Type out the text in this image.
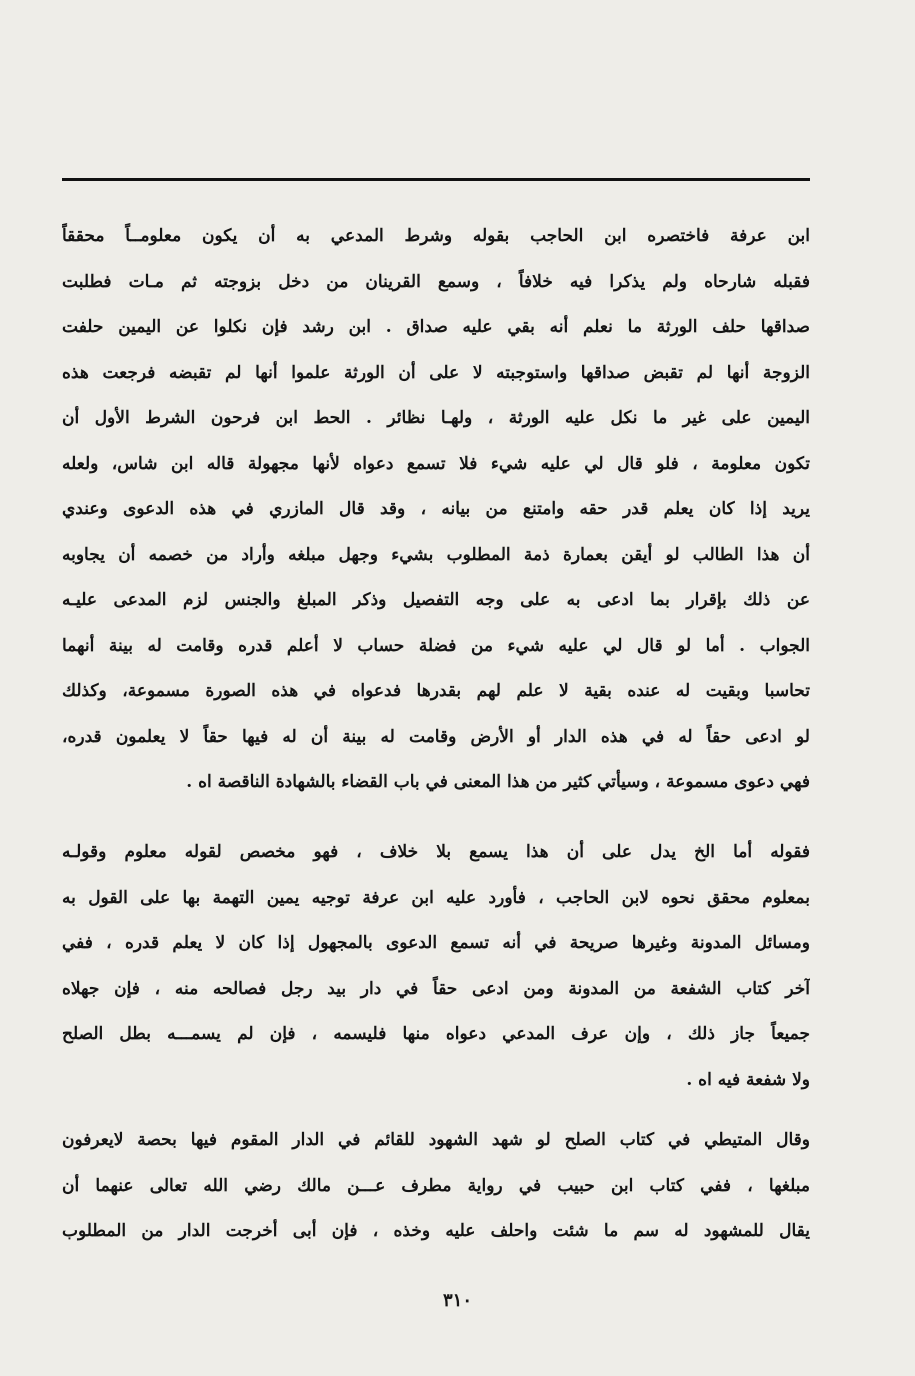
ابن عرفة فاختصره ابن الحاجب بقوله وشرط المدعي به أن يكون معلومــاً محققاً
فقبله شارحاه ولم يذكرا فيه خلافاً ، وسمع القرينان من دخل بزوجته ثم مـات فطلبت
صداقها حلف الورثة ما نعلم أنه بقي عليه صداق . ابن رشد فإن نكلوا عن اليمين حلفت
الزوجة أنها لم تقبض صداقها واستوجبته لا على أن الورثة علموا أنها لم تقبضه فرجعت هذه
اليمين على غير ما نكل عليه الورثة ، ولهـا نظائر . الحط ابن فرحون الشرط الأول أن
تكون معلومة ، فلو قال لي عليه شيء فلا تسمع دعواه لأنها مجهولة قاله ابن شاس، ولعله
يريد إذا كان يعلم قدر حقه وامتنع من بيانه ، وقد قال المازري في هذه الدعوى وعندي
أن هذا الطالب لو أيقن بعمارة ذمة المطلوب بشيء وجهل مبلغه وأراد من خصمه أن يجاوبه
عن ذلك بإقرار بما ادعى به على وجه التفصيل وذكر المبلغ والجنس لزم المدعى عليـه
الجواب . أما لو قال لي عليه شيء من فضلة حساب لا أعلم قدره وقامت له بينة أنهما
تحاسبا وبقيت له عنده بقية لا علم لهم بقدرها فدعواه في هذه الصورة مسموعة، وكذلك
لو ادعى حقاً له في هذه الدار أو الأرض وقامت له بينة أن له فيها حقاً لا يعلمون قدره،
فهي دعوى مسموعة ، وسيأتي كثير من هذا المعنى في باب القضاء بالشهادة الناقصة اه .
فقوله أما الخ يدل على أن هذا يسمع بلا خلاف ، فهو مخصص لقوله معلوم وقولـه
بمعلوم محقق نحوه لابن الحاجب ، فأورد عليه ابن عرفة توجيه يمين التهمة بها على القول به
ومسائل المدونة وغيرها صريحة في أنه تسمع الدعوى بالمجهول إذا كان لا يعلم قدره ، ففي
آخر كتاب الشفعة من المدونة ومن ادعى حقاً في دار بيد رجل فصالحه منه ، فإن جهلاه
جميعاً جاز ذلك ، وإن عرف المدعي دعواه منها فليسمه ، فإن لم يسمـــه بطل الصلح
ولا شفعة فيه اه .
وقال المتيطي في كتاب الصلح لو شهد الشهود للقائم في الدار المقوم فيها بحصة لايعرفون
مبلغها ، ففي كتاب ابن حبيب في رواية مطرف عـــن مالك رضي الله تعالى عنهما أن
يقال للمشهود له سم ما شئت واحلف عليه وخذه ، فإن أبى أخرجت الدار من المطلوب
٣١٠
